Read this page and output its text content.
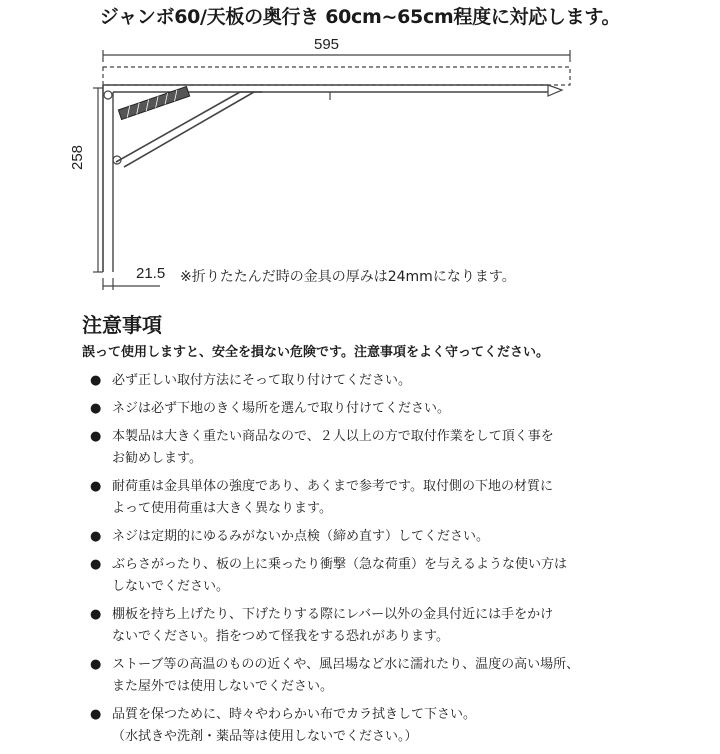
ジャンボ60/天板の奥行き 60cm~65cm程度に対応します。
595
258
21.5 ※折りたたんだ時の金具の厚みは24mmになります。
注意事項
誤って使用しますと、安全を損ない危険です。注意事項をよく守ってください。
● 必ず正しい取付方法にそって取り付けてください。
● ネジは必ず下地のきく場所を選んで取り付けてください。
● 本製品は大きく重たい商品なので、２人以上の方で取付作業をして頂く事を
お勧めします。
● 耐荷重は金具単体の強度であり、あくまで参考です。取付側の下地の材質に
よって使用荷重は大きく異なります。
● ネジは定期的にゆるみがないか点検（締め直す）してください。
● ぶらさがったり、板の上に乗ったり衝撃（急な荷重）を与えるような使い方は
しないでください。
● 棚板を持ち上げたり、下げたりする際にレバー以外の金具付近には手をかけ
ないでください。指をつめて怪我をする恐れがあります。
● ストーブ等の高温のものの近くや、風呂場など水に濡れたり、温度の高い場所、
また屋外では使用しないでください。
● 品質を保つために、時々やわらかい布でカラ拭きして下さい。
（水拭きや洗剤・薬品等は使用しないでください。）
